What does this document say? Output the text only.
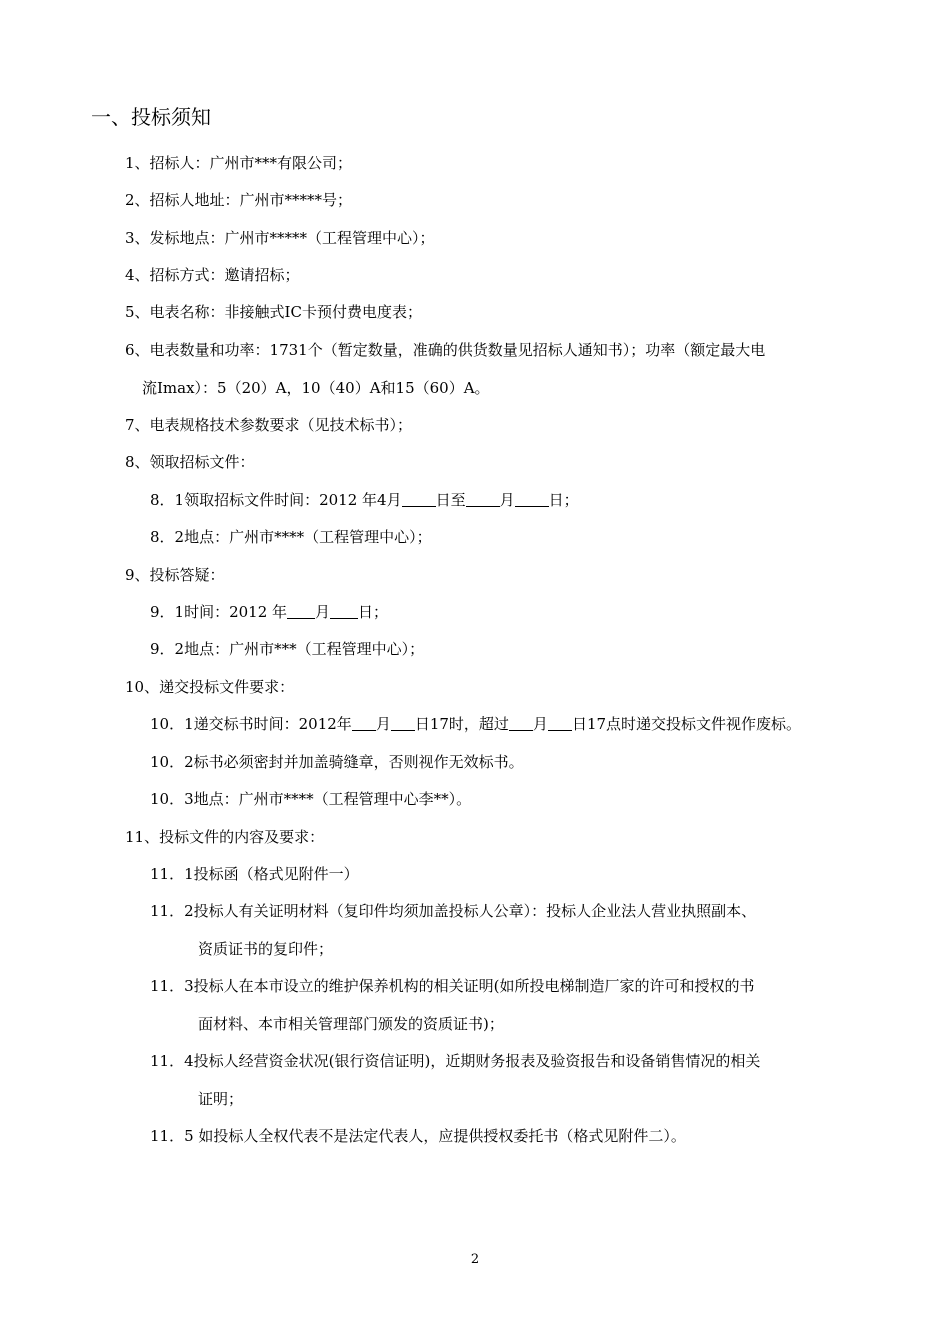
一、投标须知
1、招标人：广州市***有限公司；
2、招标人地址：广州市*****号；
3、发标地点：广州市*****（工程管理中心）；
4、招标方式：邀请招标；
5、电表名称：非接触式IC卡预付费电度表；
6、电表数量和功率：1731个（暂定数量，准确的供货数量见招标人通知书）；功率（额定最大电
流Imax）：5（20）A，10（40）A和15（60）A。
7、电表规格技术参数要求（见技术标书）；
8、领取招标文件：
8．1领取招标文件时间：2012 年4月 日至 月 日；
8．2地点：广州市****（工程管理中心）；
9、投标答疑：
9．1时间：2012 年 月 日；
9．2地点：广州市***（工程管理中心）；
10、递交投标文件要求：
10．1递交标书时间：2012年 月 日17时，超过 月 日17点时递交投标文件视作废标。
10．2标书必须密封并加盖骑缝章，否则视作无效标书。
10．3地点：广州市****（工程管理中心李**）。
11、投标文件的内容及要求：
11．1投标函（格式见附件一）
11．2投标人有关证明材料（复印件均须加盖投标人公章）：投标人企业法人营业执照副本、
资质证书的复印件；
11．3投标人在本市设立的维护保养机构的相关证明(如所投电梯制造厂家的许可和授权的书
面材料、本市相关管理部门颁发的资质证书)；
11．4投标人经营资金状况(银行资信证明)，近期财务报表及验资报告和设备销售情况的相关
证明；
11．5 如投标人全权代表不是法定代表人，应提供授权委托书（格式见附件二）。
2
